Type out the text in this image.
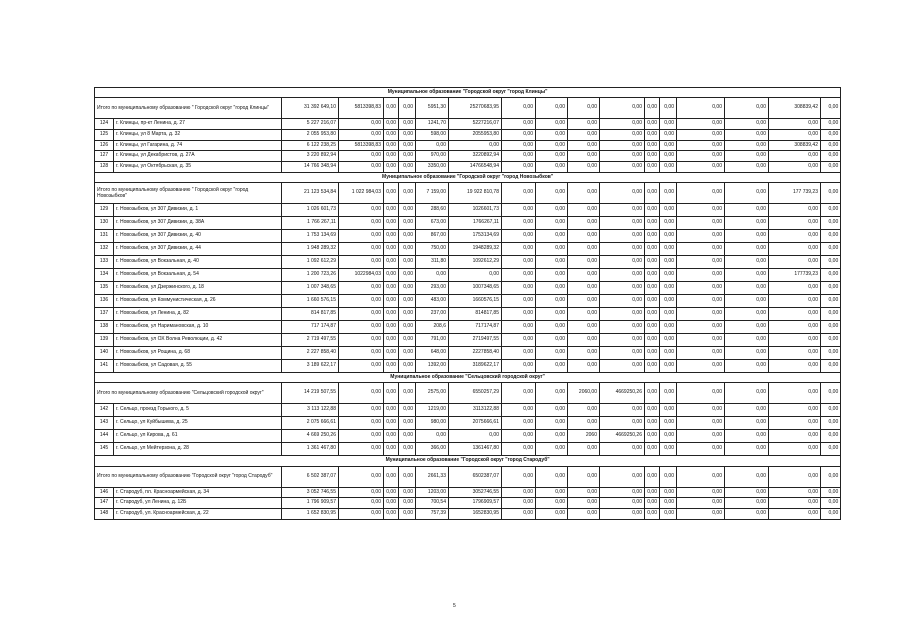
Муниципальное образование "Городской округ "город Клинцы"																	
Итого по муниципальному образованию " Городской округ "город Клинцы"		31 392 649,10	5813398,83	0,00	0,00	5951,30	25270683,95	0,00	0,00	0,00	0,00	0,00	0,00	0,00	0,00	308839,42	0,00
124	г. Клинцы, пр-кт Ленина, д. 27	5 227 216,07	0,00	0,00	0,00	1241,70	5227216,07	0,00	0,00	0,00	0,00	0,00	0,00	0,00	0,00	0,00	0,00
125	г. Клинцы, ул 8 Марта, д. 32	2 055 953,80	0,00	0,00	0,00	598,00	2055953,80	0,00	0,00	0,00	0,00	0,00	0,00	0,00	0,00	0,00	0,00
126	г. Клинцы, ул Гагарина, д. 74	6 122 238,25	5813398,83	0,00	0,00	0,00	0,00	0,00	0,00	0,00	0,00	0,00	0,00	0,00	0,00	308839,42	0,00
127	г. Клинцы, ул Декабристов, д. 27А	3 220 892,94	0,00	0,00	0,00	970,00	3220892,94	0,00	0,00	0,00	0,00	0,00	0,00	0,00	0,00	0,00	0,00
128	г. Клинцы, ул Октябрьская, д. 35	14 766 348,94	0,00	0,00	0,00	3350,00	14766548,94	0,00	0,00	0,00	0,00	0,00	0,00	0,00	0,00	0,00	0,00
Муниципальное образование "Городской округ "город Новозыбков"																	
Итого по муниципальному образованию " Городской округ "город Новозыбков"		21 123 534,84	1 022 984,03	0,00	0,00	7 159,00	19 922 810,78	0,00	0,00	0,00	0,00	0,00	0,00	0,00	0,00	177 739,23	0,00
129	г. Новозыбков, ул 307 Дивизии, д. 1	1 026 601,73	0,00	0,00	0,00	288,60	1026601,73	0,00	0,00	0,00	0,00	0,00	0,00	0,00	0,00	0,00	0,00
130	г. Новозыбков, ул 307 Дивизии, д. 38А	1 766 267,11	0,00	0,00	0,00	673,00	1766267,11	0,00	0,00	0,00	0,00	0,00	0,00	0,00	0,00	0,00	0,00
131	г. Новозыбков, ул 307 Дивизии, д. 40	1 753 134,69	0,00	0,00	0,00	867,00	1753134,69	0,00	0,00	0,00	0,00	0,00	0,00	0,00	0,00	0,00	0,00
132	г. Новозыбков, ул 307 Дивизии, д. 44	1 948 289,32	0,00	0,00	0,00	750,00	1948289,32	0,00	0,00	0,00	0,00	0,00	0,00	0,00	0,00	0,00	0,00
133	г. Новозыбков, ул Вокзальная, д. 40	1 092 612,29	0,00	0,00	0,00	311,80	1092612,29	0,00	0,00	0,00	0,00	0,00	0,00	0,00	0,00	0,00	0,00
134	г. Новозыбков, ул Вокзальная, д. 54	1 200 723,26	1022984,03	0,00	0,00	0,00	0,00	0,00	0,00	0,00	0,00	0,00	0,00	0,00	0,00	177739,23	0,00
135	г. Новозыбков, ул Дзержинского, д. 18	1 007 348,65	0,00	0,00	0,00	293,00	1007348,65	0,00	0,00	0,00	0,00	0,00	0,00	0,00	0,00	0,00	0,00
136	г. Новозыбков, ул Коммунистическая, д. 26	1 660 576,15	0,00	0,00	0,00	483,00	1660576,15	0,00	0,00	0,00	0,00	0,00	0,00	0,00	0,00	0,00	0,00
137	г. Новозыбков, ул Ленина, д. 82	814 817,85	0,00	0,00	0,00	237,00	814817,85	0,00	0,00	0,00	0,00	0,00	0,00	0,00	0,00	0,00	0,00
138	г. Новозыбков, ул Наримановская, д. 10	717 174,87	0,00	0,00	0,00	208,6	717174,87	0,00	0,00	0,00	0,00	0,00	0,00	0,00	0,00	0,00	0,00
139	г. Новозыбков, ул ОХ Волна Революции, д. 42	2 719 497,55	0,00	0,00	0,00	791,00	2719497,55	0,00	0,00	0,00	0,00	0,00	0,00	0,00	0,00	0,00	0,00
140	г. Новозыбков, ул Рощина, д. 68	2 227 858,40	0,00	0,00	0,00	648,00	2227858,40	0,00	0,00	0,00	0,00	0,00	0,00	0,00	0,00	0,00	0,00
141	г. Новозыбков, ул Садовая, д. 55	3 189 622,17	0,00	0,00	0,00	1392,00	3189622,17	0,00	0,00	0,00	0,00	0,00	0,00	0,00	0,00	0,00	0,00
Муниципальное образование "Сельцовский городской округ"																	
Итого по муниципальному образованию "Сельцовский городской округ"		14 219 507,55	0,00	0,00	0,00	2575,00	6550257,29	0,00	0,00	2060,00	4669250,26	0,00	0,00	0,00	0,00	0,00	0,00
142	г. Сельцо, проезд Горького, д. 5	3 113 122,88	0,00	0,00	0,00	1219,00	3113122,88	0,00	0,00	0,00	0,00	0,00	0,00	0,00	0,00	0,00	0,00
143	г. Сельцо, ул Куйбышева, д. 25	2 075 666,61	0,00	0,00	0,00	980,00	2075666,61	0,00	0,00	0,00	0,00	0,00	0,00	0,00	0,00	0,00	0,00
144	г. Сельцо, ул Кирова, д. 61	4 669 250,26	0,00	0,00	0,00	0,00	0,00	0,00	0,00	2060	4669250,26	0,00	0,00	0,00	0,00	0,00	0,00
145	г. Сельцо, ул Мейтерзона, д. 28	1 361 467,80	0,00	0,00	0,00	366,00	1361467,80	0,00	0,00	0,00	0,00	0,00	0,00	0,00	0,00	0,00	0,00
Муниципальное образование "Городской округ "город Стародуб"																	
Итого по муниципальному образованию "Городской округ "город Стародуб"		6 502 387,07	0,00	0,00	0,00	2661,33	6502387,07	0,00	0,00	0,00	0,00	0,00	0,00	0,00	0,00	0,00	0,00
146	г. Стародуб, пл. Красноармейская, д. 34	3 052 746,55	0,00	0,00	0,00	1203,00	3052746,55	0,00	0,00	0,00	0,00	0,00	0,00	0,00	0,00	0,00	0,00
147	г. Стародуб, ул Ленина, д. 12Б	1 796 909,57	0,00	0,00	0,00	700,54	1796909,57	0,00	0,00	0,00	0,00	0,00	0,00	0,00	0,00	0,00	0,00
148	г. Стародуб, ул. Красноармейская, д. 22	1 652 830,95	0,00	0,00	0,00	757,39	1652830,95	0,00	0,00	0,00	0,00	0,00	0,00	0,00	0,00	0,00	0,00
5
